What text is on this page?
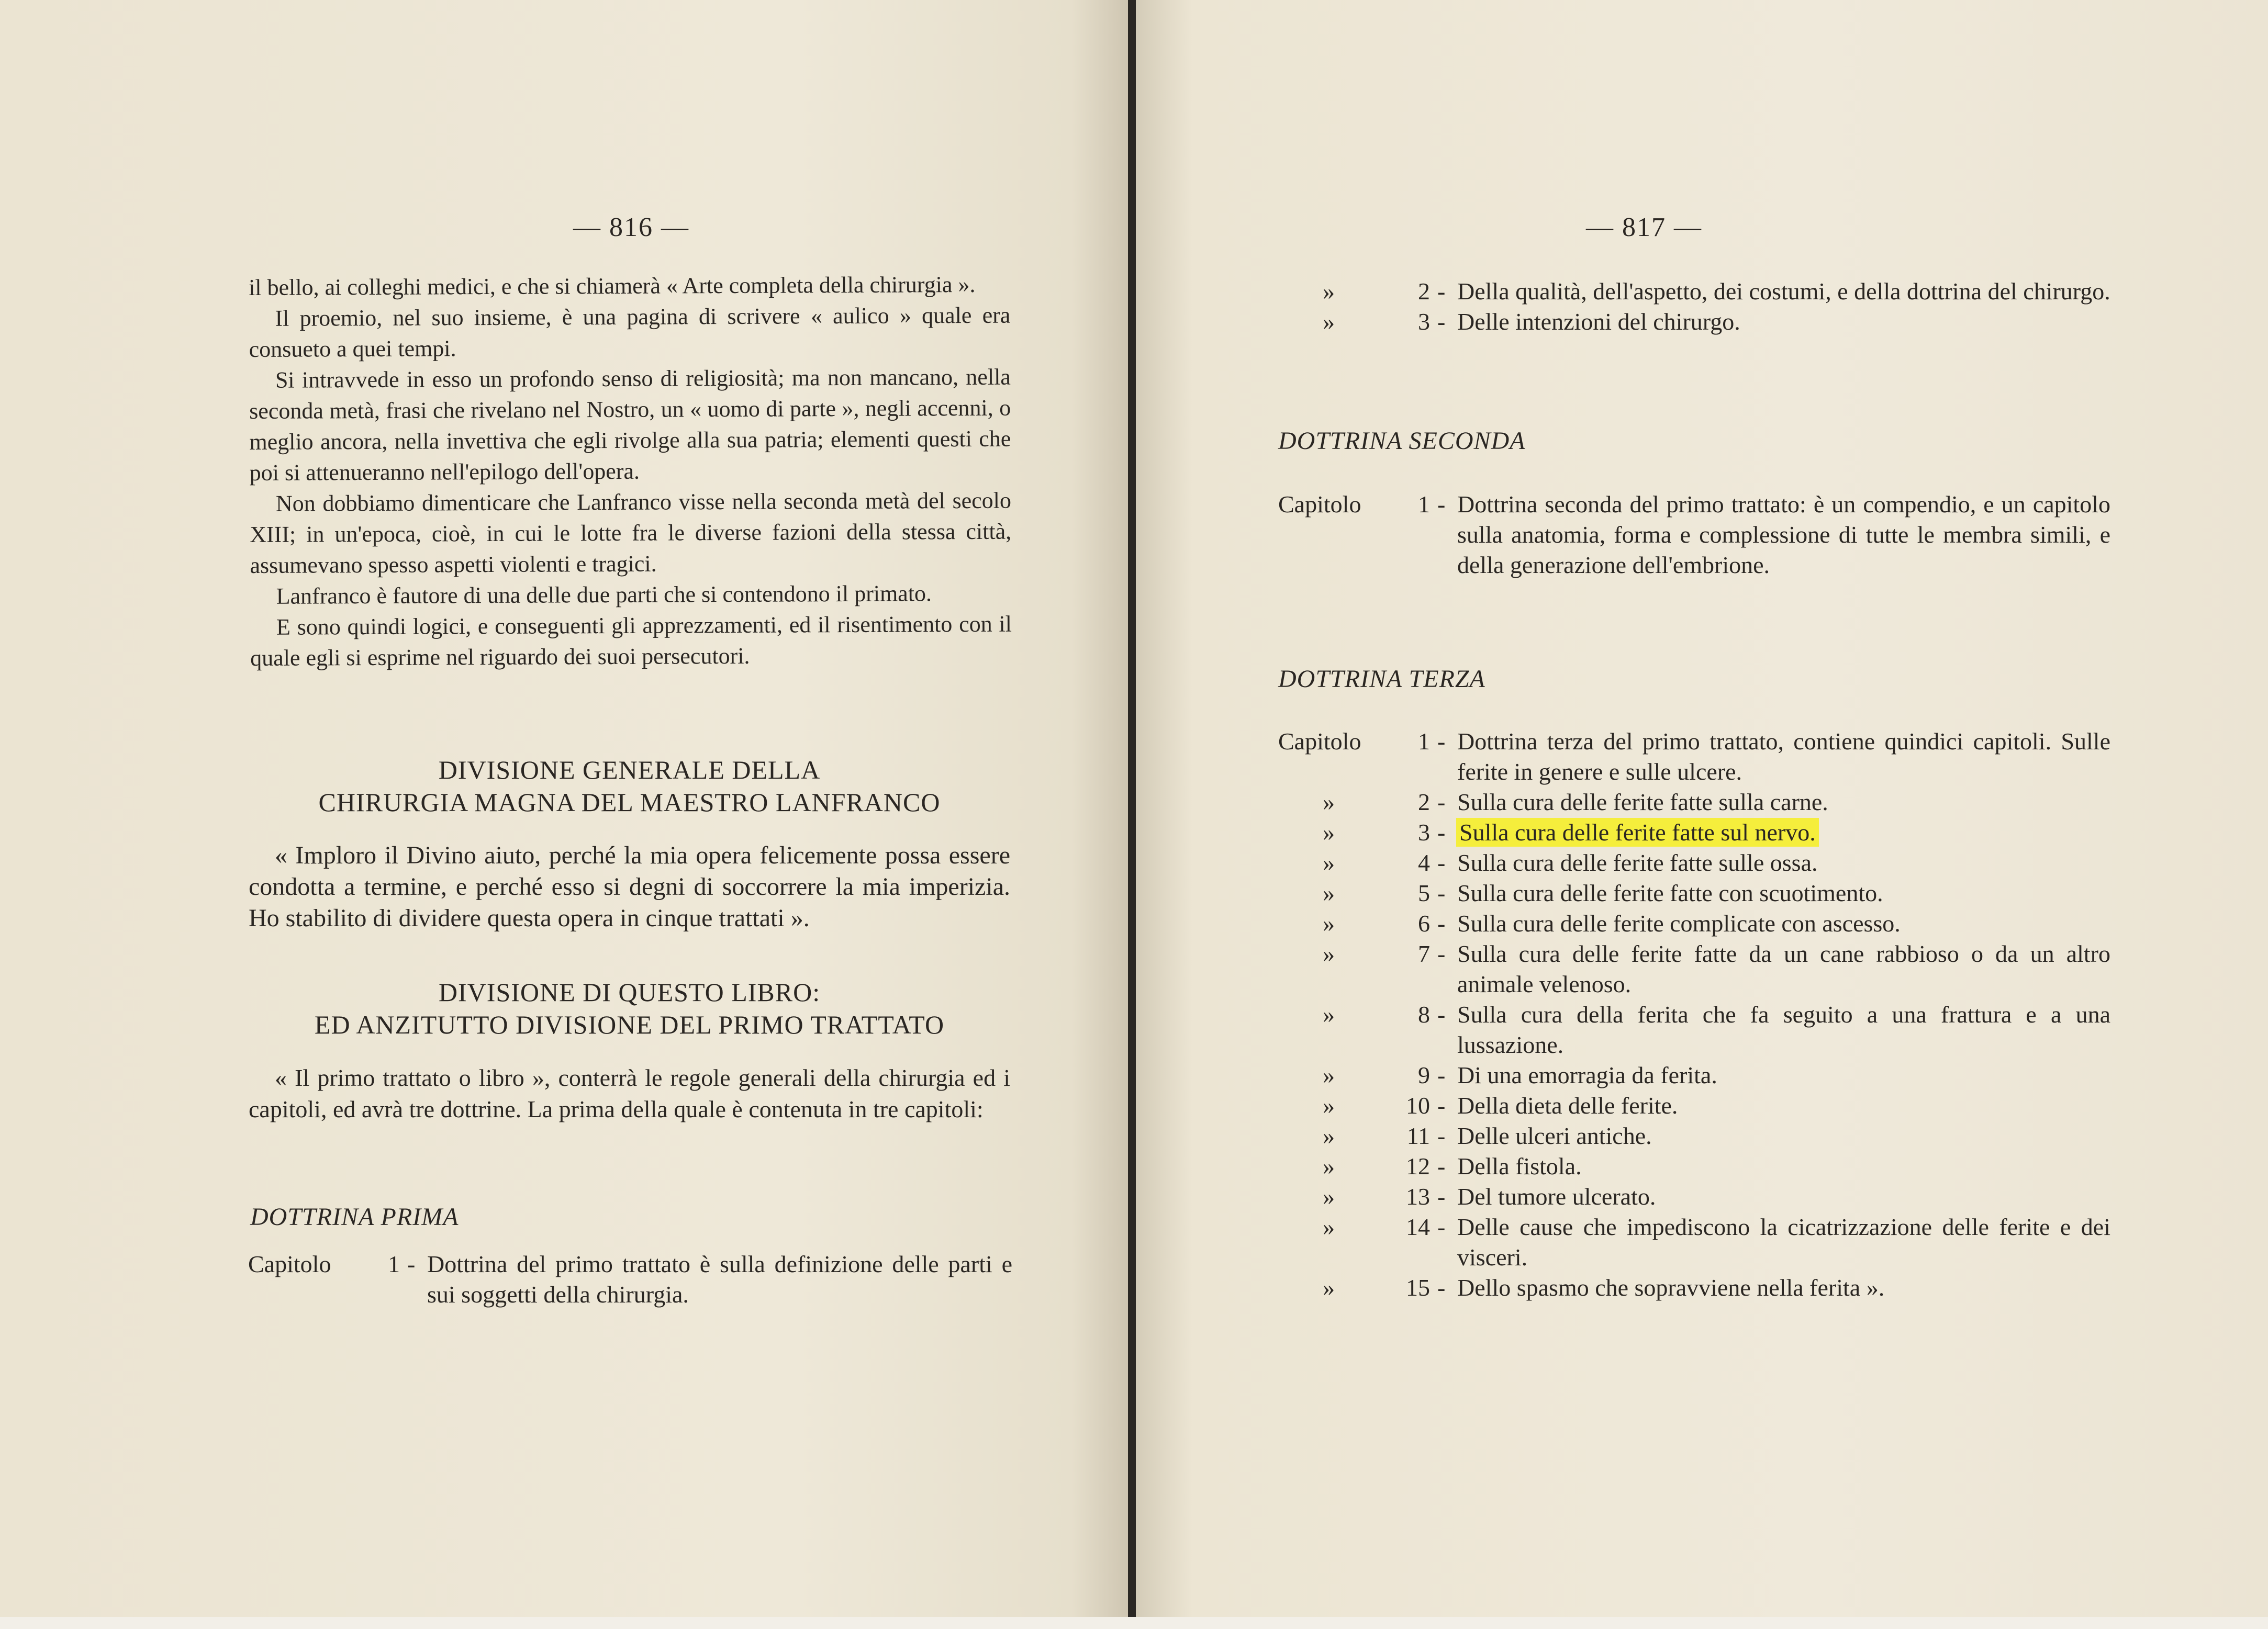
— 816 —

il bello, ai colleghi medici, e che si chiamerà « Arte completa della chirurgia ».

Il proemio, nel suo insieme, è una pagina di scrivere « aulico » quale era consueto a quei tempi.

Si intravvede in esso un profondo senso di religiosità; ma non mancano, nella seconda metà, frasi che rivelano nel Nostro, un « uomo di parte », negli accenni, o meglio ancora, nella invettiva che egli rivolge alla sua patria; elementi questi che poi si attenueranno nell'epilogo dell'opera.

Non dobbiamo dimenticare che Lanfranco visse nella seconda metà del secolo XIII; in un'epoca, cioè, in cui le lotte fra le diverse fazioni della stessa città, assumevano spesso aspetti violenti e tragici.

Lanfranco è fautore di una delle due parti che si contendono il primato.

E sono quindi logici, e conseguenti gli apprezzamenti, ed il risentimento con il quale egli si esprime nel riguardo dei suoi persecutori.

DIVISIONE GENERALE DELLA
CHIRURGIA MAGNA DEL MAESTRO LANFRANCO

« Imploro il Divino aiuto, perché la mia opera felicemente possa essere condotta a termine, e perché esso si degni di soccorrere la mia imperizia. Ho stabilito di dividere questa opera in cinque trattati ».

DIVISIONE DI QUESTO LIBRO:
ED ANZITUTTO DIVISIONE DEL PRIMO TRATTATO

« Il primo trattato o libro », conterrà le regole generali della chirurgia ed i capitoli, ed avrà tre dottrine. La prima della quale è contenuta in tre capitoli:

DOTTRINA PRIMA
Capitolo	1 - Dottrina del primo trattato è sulla definizione delle parti e sui soggetti della chirurgia.
— 817 —
»	2 - Della qualità, dell'aspetto, dei costumi, e della dottrina del chirurgo.
»	3 - Delle intenzioni del chirurgo.
DOTTRINA SECONDA
Capitolo	1 - Dottrina seconda del primo trattato: è un compendio, e un capitolo sulla anatomia, forma e complessione di tutte le membra simili, e della generazione dell'embrione.
DOTTRINA TERZA
Capitolo	1 - Dottrina terza del primo trattato, contiene quindici capitoli. Sulle ferite in genere e sulle ulcere.
»	2 - Sulla cura delle ferite fatte sulla carne.
»	3 - Sulla cura delle ferite fatte sul nervo.
»	4 - Sulla cura delle ferite fatte sulle ossa.
»	5 - Sulla cura delle ferite fatte con scuotimento.
»	6 - Sulla cura delle ferite complicate con ascesso.
»	7 - Sulla cura delle ferite fatte da un cane rabbioso o da un altro animale velenoso.
»	8 - Sulla cura della ferita che fa seguito a una frattura e a una lussazione.
»	9 - Di una emorragia da ferita.
»	10 - Della dieta delle ferite.
»	11 - Delle ulceri antiche.
»	12 - Della fistola.
»	13 - Del tumore ulcerato.
»	14 - Delle cause che impediscono la cicatrizzazione delle ferite e dei visceri.
»	15 - Dello spasmo che sopravviene nella ferita ».
